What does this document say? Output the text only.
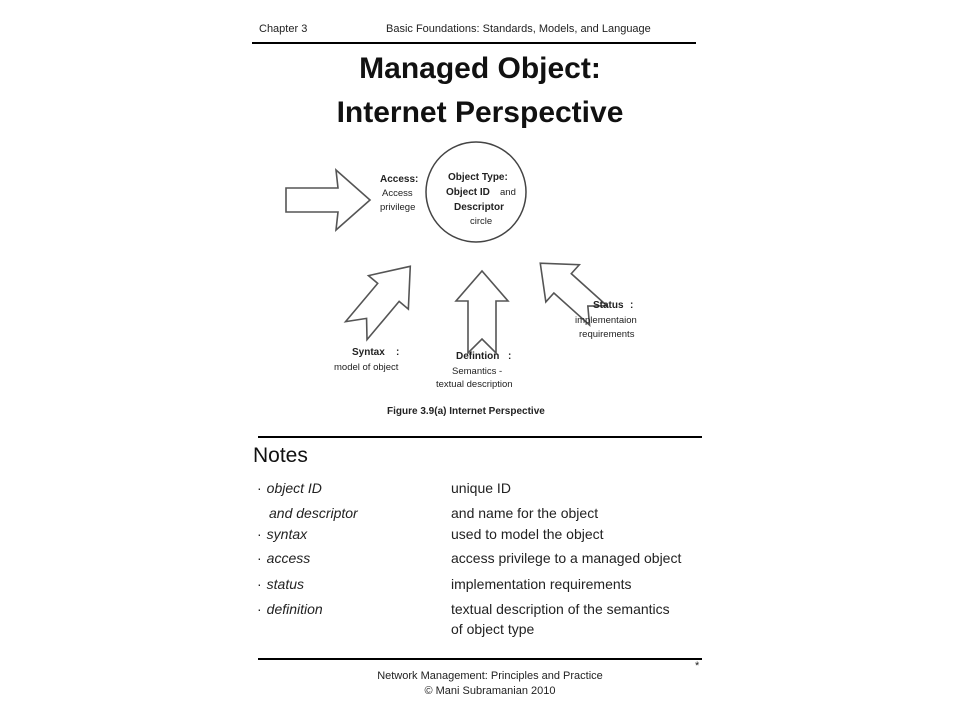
Chapter 3	Basic Foundations: Standards, Models, and Language
Managed Object:
Internet Perspective
Access:
Access
privilege
Object Type:
Object ID and
Descriptor
circle
Status :
implementaion
requirements
Syntax :
model of object
Defintion :
Semantics -
textual description
Figure 3.9(a) Internet Perspective
Notes
· object ID	unique ID
and descriptor	and name for the object
· syntax	used to model the object
· access	access privilege to a managed object
· status	implementation requirements
· definition	textual description of the semantics
of object type
*
Network Management: Principles and Practice
© Mani Subramanian 2010
